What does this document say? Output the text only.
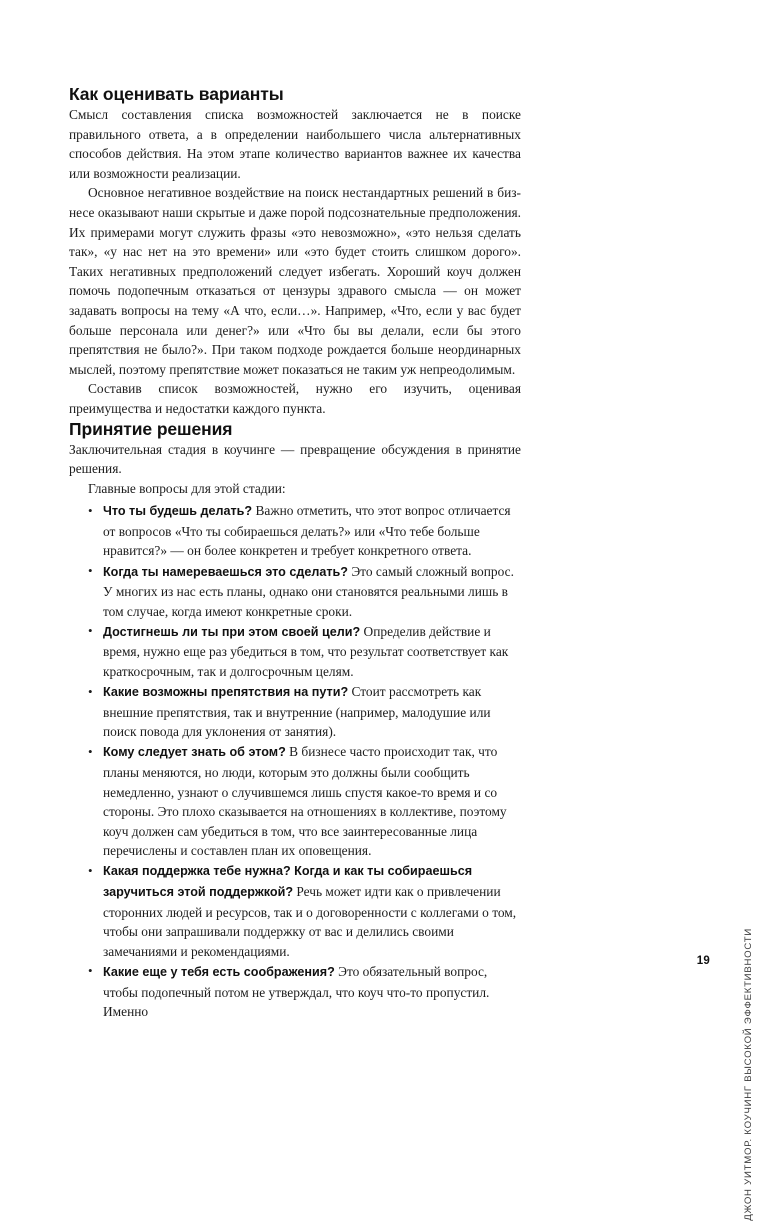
Как оценивать варианты

Смысл составления списка возможностей заключается не в поиске правильного ответа, а в определении наибольшего числа альтернативных способов действия. На этом этапе количество вариантов важнее их качества или возможности реализации.

Основное негативное воздействие на поиск нестандартных решений в бизнесе оказывают наши скрытые и даже порой подсознательные предположения. Их примерами могут служить фразы «это невозможно», «это нельзя сделать так», «у нас нет на это времени» или «это будет стоить слишком дорого». Таких негативных предположений следует избегать. Хороший коуч должен помочь подопечным отказаться от цензуры здравого смысла — он может задавать вопросы на тему «А что, если…». Например, «Что, если у вас будет больше персонала или денег?» или «Что бы вы делали, если бы этого препятствия не было?». При таком подходе рождается больше неординарных мыслей, поэтому препятствие может показаться не таким уж непреодолимым.

Составив список возможностей, нужно его изучить, оценивая преимущества и недостатки каждого пункта.

Принятие решения

Заключительная стадия в коучинге — превращение обсуждения в принятие решения.

Главные вопросы для этой стадии:

• Что ты будешь делать? Важно отметить, что этот вопрос отличается от вопросов «Что ты собираешься делать?» или «Что тебе больше нравится?» — он более конкретен и требует конкретного ответа.
• Когда ты намереваешься это сделать? Это самый сложный вопрос. У многих из нас есть планы, однако они становятся реальными лишь в том случае, когда имеют конкретные сроки.
• Достигнешь ли ты при этом своей цели? Определив действие и время, нужно еще раз убедиться в том, что результат соответствует как краткосрочным, так и долгосрочным целям.
• Какие возможны препятствия на пути? Стоит рассмотреть как внешние препятствия, так и внутренние (например, малодушие или поиск повода для уклонения от занятия).
• Кому следует знать об этом? В бизнесе часто происходит так, что планы меняются, но люди, которым это должны были сообщить немедленно, узнают о случившемся лишь спустя какое-то время и со стороны. Это плохо сказывается на отношениях в коллективе, поэтому коуч должен сам убедиться в том, что все заинтересованные лица перечислены и составлен план их оповещения.
• Какая поддержка тебе нужна? Когда и как ты собираешься заручиться этой поддержкой? Речь может идти как о привлечении сторонних людей и ресурсов, так и о договоренности с коллегами о том, чтобы они запрашивали поддержку от вас и делились своими замечаниями и рекомендациями.
• Какие еще у тебя есть соображения? Это обязательный вопрос, чтобы подопечный потом не утверждал, что коуч что-то пропустил. Именно	ДЖОН УИТМОР. КОУЧИНГ ВЫСОКОЙ ЭФФЕКТИВНОСТИ
19
